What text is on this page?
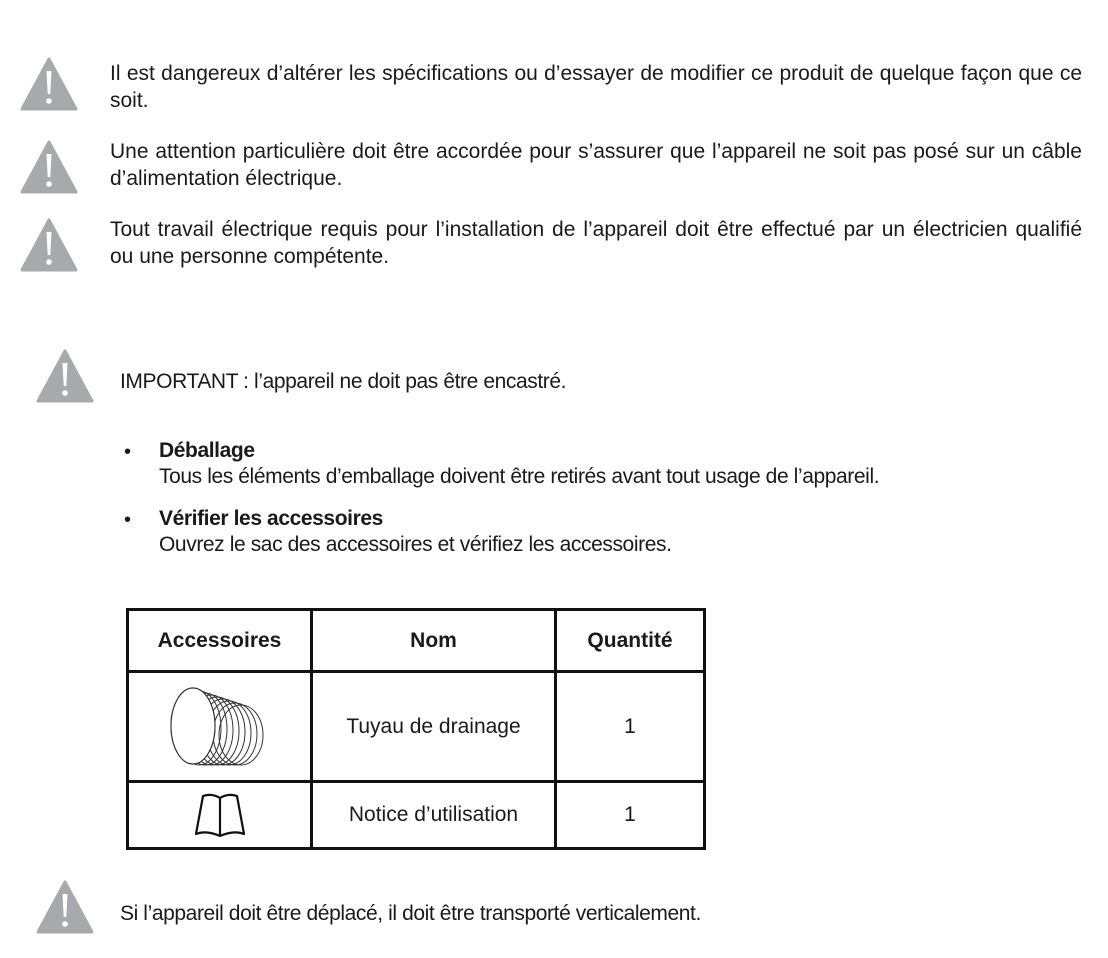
Il est dangereux d’altérer les spécifications ou d’essayer de modifier ce produit de quelque façon que ce soit.
Une attention particulière doit être accordée pour s’assurer que l’appareil ne soit pas posé sur un câble d’alimentation électrique.
Tout travail électrique requis pour l’installation de l’appareil doit être effectué par un électricien qualifié ou une personne compétente.
IMPORTANT : l’appareil ne doit pas être encastré.
• Déballage
Tous les éléments d’emballage doivent être retirés avant tout usage de l’appareil.
• Vérifier les accessoires
Ouvrez le sac des accessoires et vérifiez les accessoires.
Accessoires	Nom	Quantité

	Tuyau de drainage	1

	Notice d’utilisation	1
Si l’appareil doit être déplacé, il doit être transporté verticalement.
